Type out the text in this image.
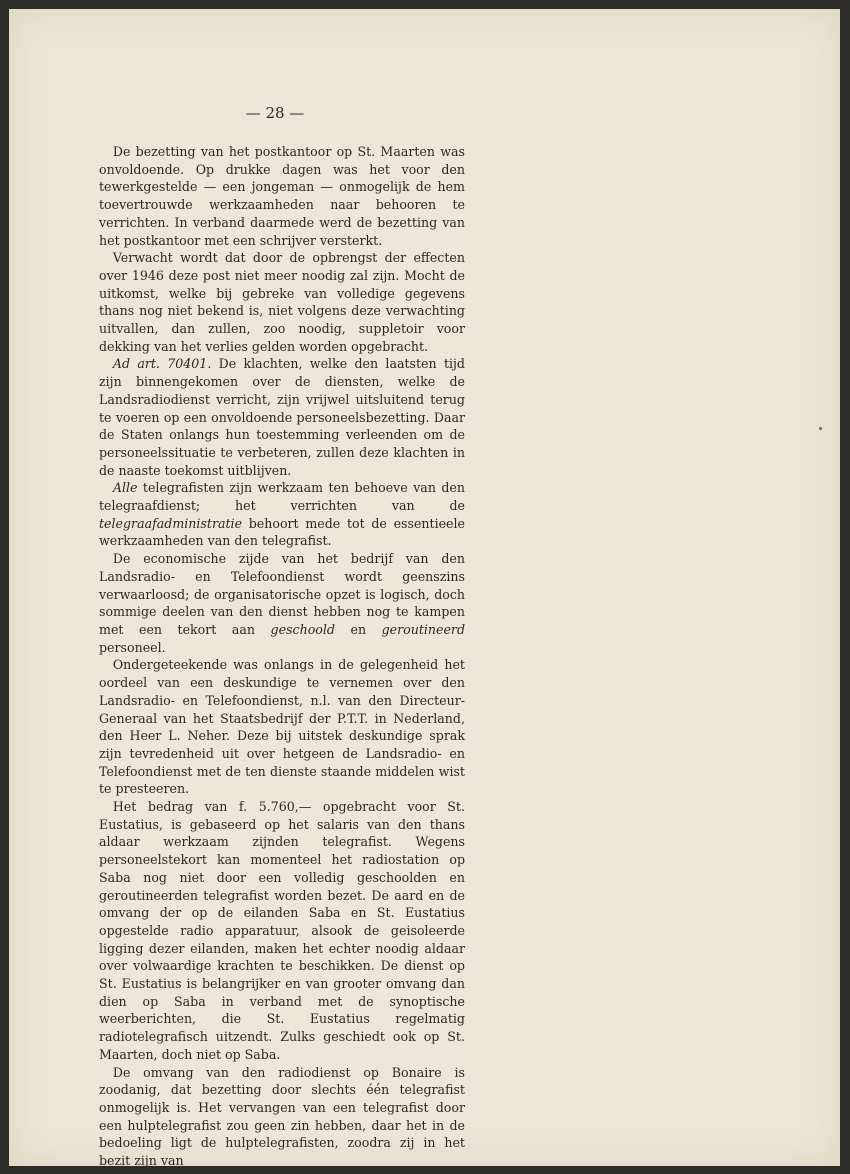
— 28 —

De bezetting van het postkantoor op St. Maarten was onvoldoende. Op drukke dagen was het voor den tewerkgestelde — een jongeman — onmogelijk de hem toevertrouwde werkzaamheden naar behooren te verrichten. In verband daarmede werd de bezetting van het postkantoor met een schrijver versterkt.

Verwacht wordt dat door de opbrengst der effecten over 1946 deze post niet meer noodig zal zijn. Mocht de uitkomst, welke bij gebreke van volledige gegevens thans nog niet bekend is, niet volgens deze verwachting uitvallen, dan zullen, zoo noodig, suppletoir voor dekking van het verlies gelden worden opgebracht.

Ad art. 70401. De klachten, welke den laatsten tijd zijn binnengekomen over de diensten, welke de Landsradiodienst verricht, zijn vrijwel uitsluitend terug te voeren op een onvoldoende personeelsbezetting. Daar de Staten onlangs hun toestemming verleenden om de personeelssituatie te verbeteren, zullen deze klachten in de naaste toekomst uitblijven.

Alle telegrafisten zijn werkzaam ten behoeve van den telegraafdienst; het verrichten van de telegraafadministratie behoort mede tot de essentieele werkzaamheden van den telegrafist.

De economische zijde van het bedrijf van den Landsradio- en Telefoondienst wordt geenszins verwaarloosd; de organisatorische opzet is logisch, doch sommige deelen van den dienst hebben nog te kampen met een tekort aan geschoold en geroutineerd personeel.

Ondergeteekende was onlangs in de gelegenheid het oordeel van een deskundige te vernemen over den Landsradio- en Telefoondienst, n.l. van den Directeur-Generaal van het Staatsbedrijf der P.T.T. in Nederland, den Heer L. Neher. Deze bij uitstek deskundige sprak zijn tevredenheid uit over hetgeen de Landsradio- en Telefoondienst met de ten dienste staande middelen wist te presteeren.

Het bedrag van f. 5.760,— opgebracht voor St. Eustatius, is gebaseerd op het salaris van den thans aldaar werkzaam zijnden telegrafist. Wegens personeelstekort kan momenteel het radiostation op Saba nog niet door een volledig geschoolden en geroutineerden telegrafist worden bezet. De aard en de omvang der op de eilanden Saba en St. Eustatius opgestelde radio apparatuur, alsook de geisoleerde ligging dezer eilanden, maken het echter noodig aldaar over volwaardige krachten te beschikken. De dienst op St. Eustatius is belangrijker en van grooter omvang dan dien op Saba in verband met de synoptische weerberichten, die St. Eustatius regelmatig radiotelegrafisch uitzendt. Zulks geschiedt ook op St. Maarten, doch niet op Saba.

De omvang van den radiodienst op Bonaire is zoodanig, dat bezetting door slechts één telegrafist onmogelijk is. Het vervangen van een telegrafist door een hulptelegrafist zou geen zin hebben, daar het in de bedoeling ligt de hulptelegrafisten, zoodra zij in het bezit zijn van
